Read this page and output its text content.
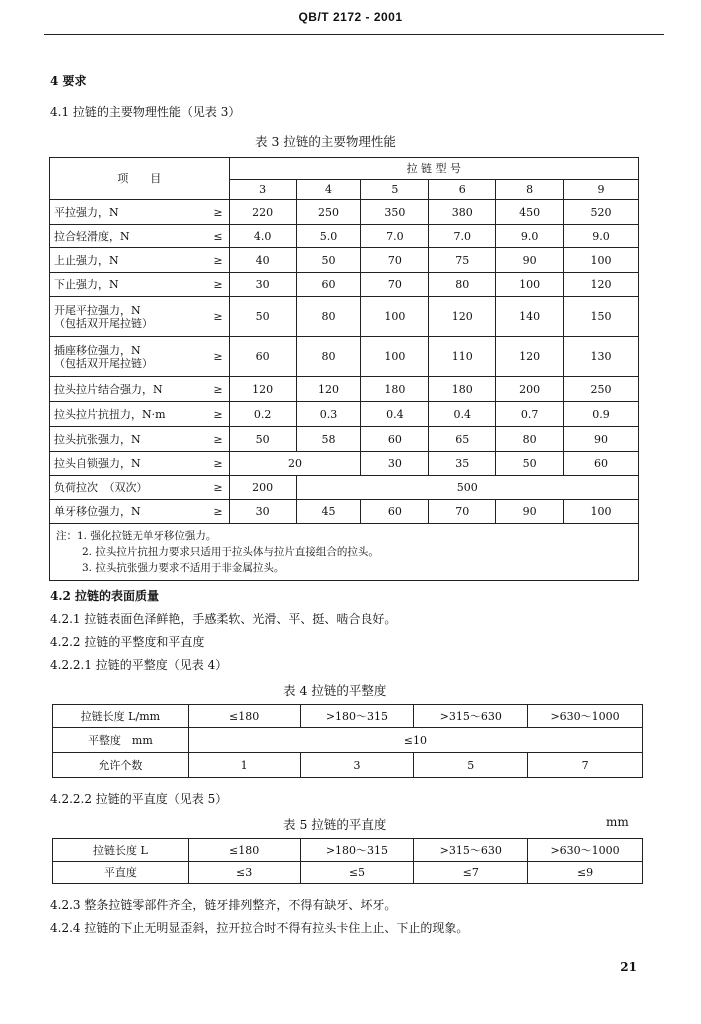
QB/T 2172 - 2001
4 要求
4.1 拉链的主要物理性能（见表 3）
表 3 拉链的主要物理性能
项　　目		拉 链 型 号					
		3	4	5	6	8	9
平拉强力，N	≥	220	250	350	380	450	520
拉合轻滑度，N	≤	4.0	5.0	7.0	7.0	9.0	9.0
上止强力，N	≥	40	50	70	75	90	100
下止强力，N	≥	30	60	70	80	100	120
开尾平拉强力，N
（包括双开尾拉链）	≥	50	80	100	120	140	150
插座移位强力，N
（包括双开尾拉链）	≥	60	80	100	110	120	130
拉头拉片结合强力，N	≥	120	120	180	180	200	250
拉头拉片抗扭力，N·m	≥	0.2	0.3	0.4	0.4	0.7	0.9
拉头抗张强力，N	≥	50	58	60	65	80	90
拉头自锁强力，N	≥	20		30	35	50	60
负荷拉次　（双次）	≥	200	500				
单牙移位强力，N	≥	30	45	60	70	90	100

注：1. 强化拉链无单牙移位强力。
2. 拉头拉片抗扭力要求只适用于拉头体与拉片直接组合的拉头。
3. 拉头抗张强力要求不适用于非金属拉头。							
4.2 拉链的表面质量
4.2.1 拉链表面色泽鲜艳，手感柔软、光滑、平、挺、啮合良好。
4.2.2 拉链的平整度和平直度
4.2.2.1 拉链的平整度（见表 4）
表 4 拉链的平整度
拉链长度 L/mm	≤180	>180～315	>315～630	>630～1000
平整度　mm	≤10			
允许个数	1	3	5	7
4.2.2.2 拉链的平直度（见表 5）
表 5 拉链的平直度	mm
拉链长度 L	≤180	>180～315	>315～630	>630～1000
平直度	≤3	≤5	≤7	≤9
4.2.3 整条拉链零部件齐全，链牙排列整齐，不得有缺牙、坏牙。
4.2.4 拉链的下止无明显歪斜，拉开拉合时不得有拉头卡住上止、下止的现象。
21
